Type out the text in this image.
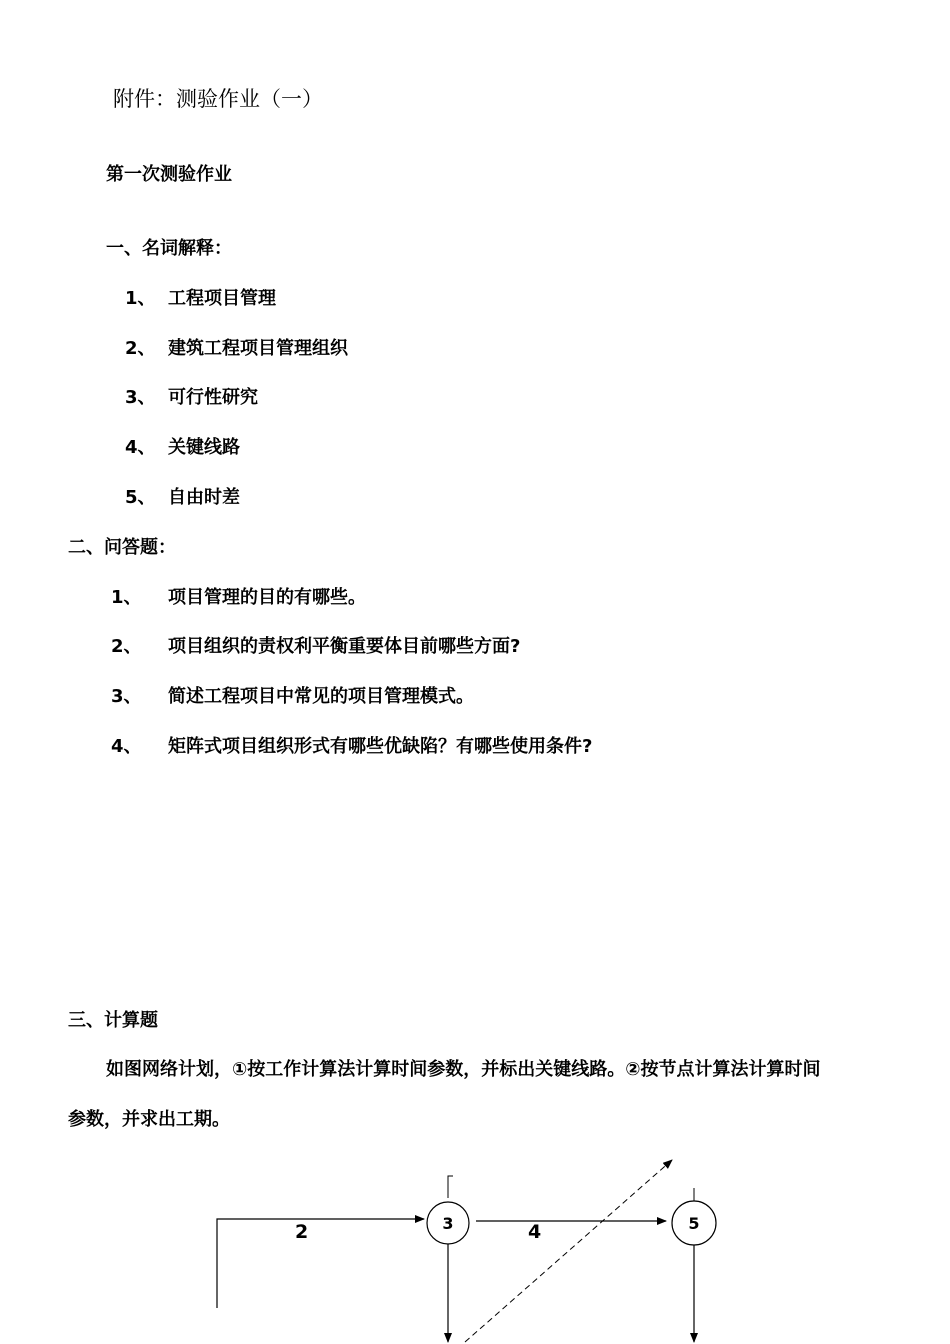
附件：测验作业（一）
第一次测验作业
一、名词解释：
1、 工程项目管理
2、 建筑工程项目管理组织
3、 可行性研究
4、 关键线路
5、 自由时差
二、问答题：
1、 项目管理的目的有哪些。
2、 项目组织的责权利平衡重要体目前哪些方面?
3、 简述工程项目中常见的项目管理模式。
4、 矩阵式项目组织形式有哪些优缺陷？有哪些使用条件?
三、计算题
如图网络计划，①按工作计算法计算时间参数，并标出关键线路。②按节点计算法计算时间
参数，并求出工期。
2	3	4	5
